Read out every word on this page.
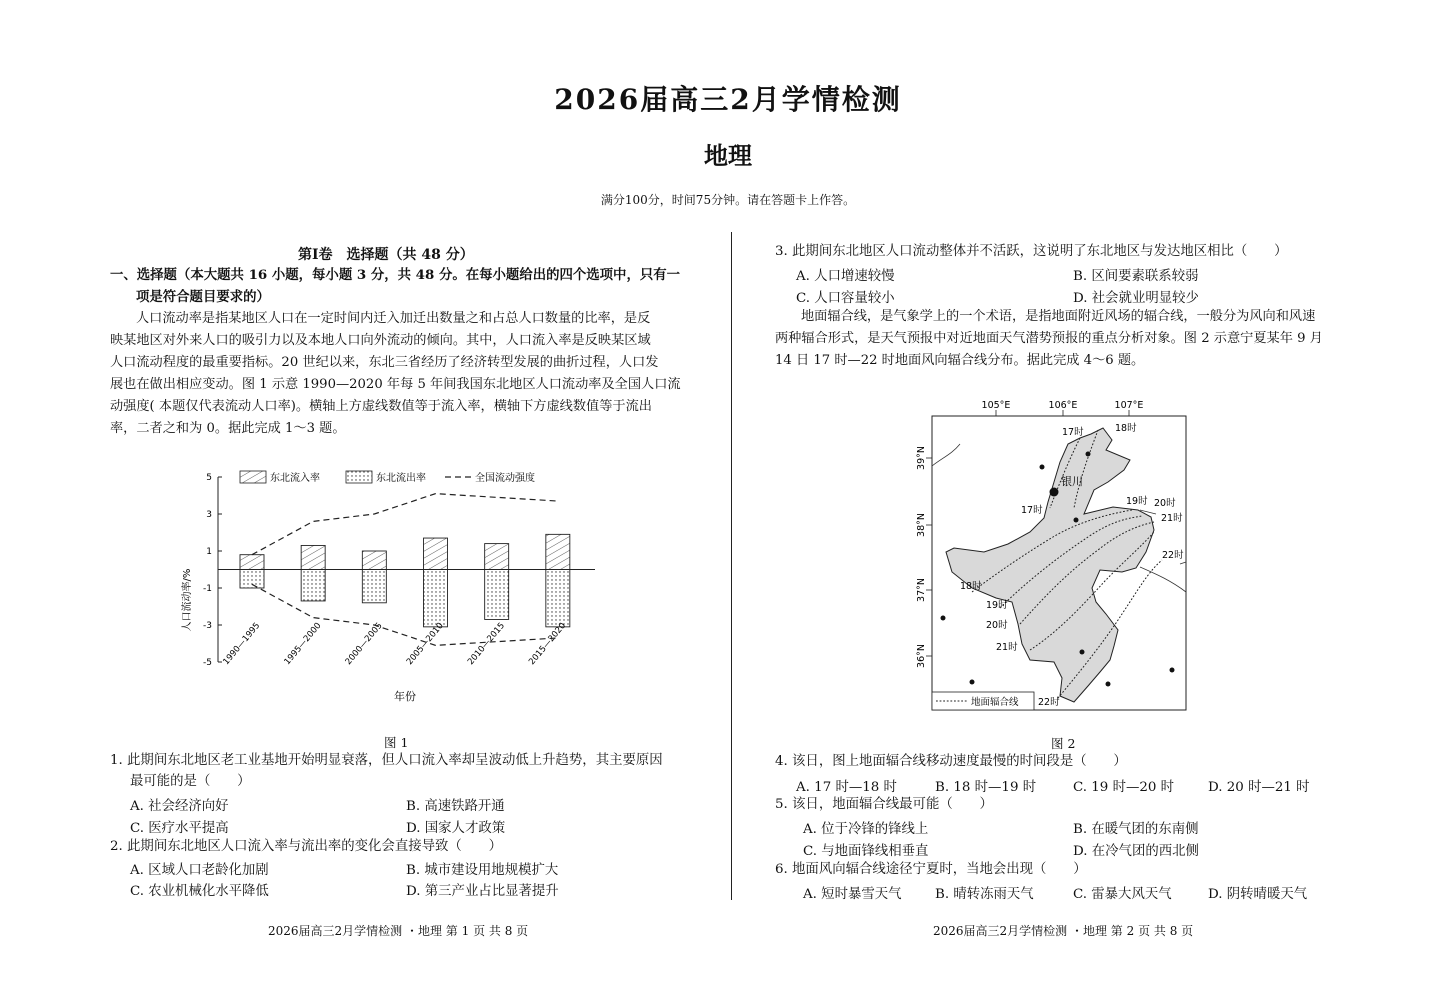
2026届高三2月学情检测
地理
满分100分，时间75分钟。请在答题卡上作答。
第Ⅰ卷　选择题（共 48 分）
一、选择题（本大题共 16 小题，每小题 3 分，共 48 分。在每小题给出的四个选项中，只有一
项是符合题目要求的）

人口流动率是指某地区人口在一定时间内迁入加迁出数量之和占总人口数量的比率，是反

映某地区对外来人口的吸引力以及本地人口向外流动的倾向。其中，人口流入率是反映某区域

人口流动程度的最重要指标。20 世纪以来，东北三省经历了经济转型发展的曲折过程，人口发

展也在做出相应变动。图 1 示意 1990—2020 年每 5 年间我国东北地区人口流动率及全国人口流

动强度( 本题仅代表流动人口率)。横轴上方虚线数值等于流入率，横轴下方虚线数值等于流出

率，二者之和为 0。据此完成 1～3 题。

5
3
1
-1
-3
-5 1990—1995 1995—2000 2000—2005 2005—2010 2010—2015 2015—2020
东北流入率	东北流出率	全国流动强度
人口流动率/%
年份
图 1
1. 此期间东北地区老工业基地开始明显衰落，但人口流入率却呈波动低上升趋势，其主要原因
最可能的是（　　）
A. 社会经济向好	B. 高速铁路开通
C. 医疗水平提高	D. 国家人才政策
2. 此期间东北地区人口流入率与流出率的变化会直接导致（　　）
A. 区域人口老龄化加剧	B. 城市建设用地规模扩大
C. 农业机械化水平降低	D. 第三产业占比显著提升
3. 此期间东北地区人口流动整体并不活跃，这说明了东北地区与发达地区相比（　　）
A. 人口增速较慢	B. 区间要素联系较弱
C. 人口容量较小	D. 社会就业明显较少

地面辐合线，是气象学上的一个术语，是指地面附近风场的辐合线，一般分为风向和风速

两种辐合形式，是天气预报中对近地面天气潜势预报的重点分析对象。图 2 示意宁夏某年 9 月

14 日 17 时—22 时地面风向辐合线分布。据此完成 4～6 题。

105°E	106°E	107°E
39°N
38°N
37°N
36°N
银川
17时	18时
17时
19时 20时
21时
22时
18时
19时
20时
21时
22时
地面辐合线
图 2
4. 该日，图上地面辐合线移动速度最慢的时间段是（　　）
A. 17 时—18 时	B. 18 时—19 时	C. 19 时—20 时	D. 20 时—21 时
5. 该日，地面辐合线最可能（　　）
A. 位于冷锋的锋线上	B. 在暖气团的东南侧
C. 与地面锋线相垂直	D. 在冷气团的西北侧
6. 地面风向辐合线途径宁夏时，当地会出现（　　）
A. 短时暴雪天气 B. 晴转冻雨天气	C. 雷暴大风天气	D. 阴转晴暖天气
2026届高三2月学情检测 ・地理 第 1 页 共 8 页	2026届高三2月学情检测 ・地理 第 2 页 共 8 页
